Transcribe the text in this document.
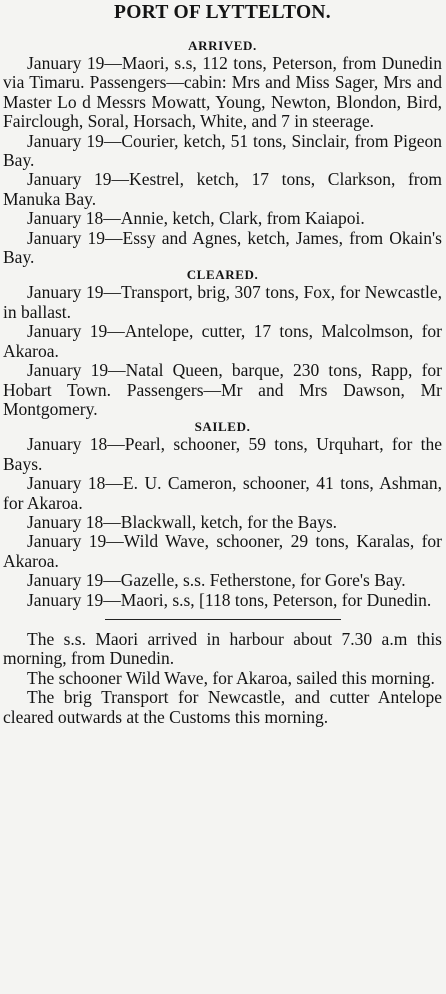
PORT OF LYTTELTON.
ARRIVED.

January 19—Maori, s.s, 112 tons, Peterson, from Dunedin via Timaru. Passengers—cabin: Mrs and Miss Sager, Mrs and Master Lo d Messrs Mowatt, Young, Newton, Blondon, Bird, Fairclough, Soral, Horsach, White, and 7 in steerage.

January 19—Courier, ketch, 51 tons, Sinclair, from Pigeon Bay.

January 19—Kestrel, ketch, 17 tons, Clarkson, from Manuka Bay.

January 18—Annie, ketch, Clark, from Kaiapoi.

January 19—Essy and Agnes, ketch, James, from Okain's Bay.

CLEARED.

January 19—Transport, brig, 307 tons, Fox, for Newcastle, in ballast.

January 19—Antelope, cutter, 17 tons, Malcolmson, for Akaroa.

January 19—Natal Queen, barque, 230 tons, Rapp, for Hobart Town. Passengers—Mr and Mrs Dawson, Mr Montgomery.

SAILED.

January 18—Pearl, schooner, 59 tons, Urquhart, for the Bays.

January 18—E. U. Cameron, schooner, 41 tons, Ashman, for Akaroa.

January 18—Blackwall, ketch, for the Bays.

January 19—Wild Wave, schooner, 29 tons, Karalas, for Akaroa.

January 19—Gazelle, s.s. Fetherstone, for Gore's Bay.

January 19—Maori, s.s, [118 tons, Peterson, for Dunedin.

The s.s. Maori arrived in harbour about 7.30 a.m this morning, from Dunedin.

The schooner Wild Wave, for Akaroa, sailed this morning.

The brig Transport for Newcastle, and cutter Antelope cleared outwards at the Customs this morning.
